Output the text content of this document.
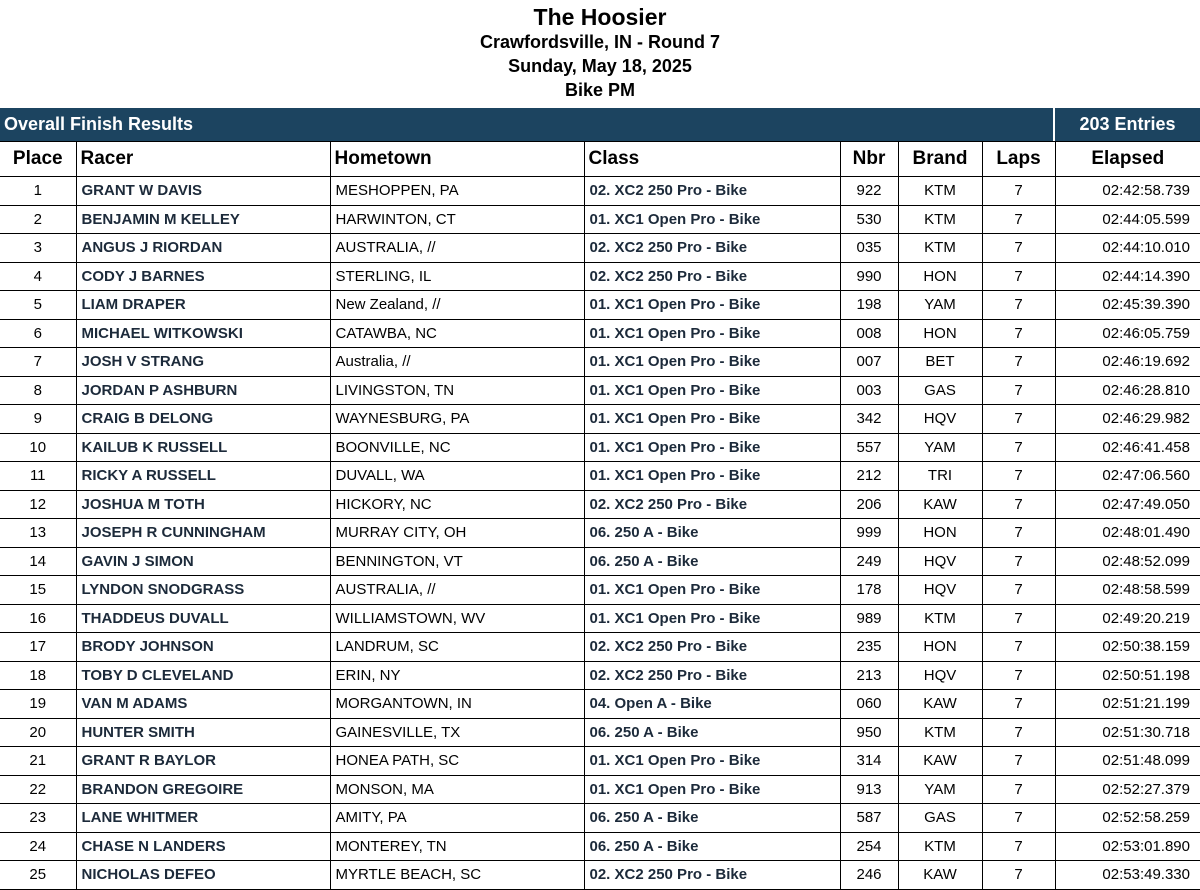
The Hoosier
Crawfordsville, IN - Round 7
Sunday, May 18, 2025
Bike PM
Overall Finish Results	203 Entries
Place	Racer	Hometown	Class	Nbr	Brand	Laps	Elapsed
1	GRANT W DAVIS	MESHOPPEN, PA	02. XC2 250 Pro - Bike	922	KTM	7	02:42:58.739
2	BENJAMIN M KELLEY	HARWINTON, CT	01. XC1 Open Pro - Bike	530	KTM	7	02:44:05.599
3	ANGUS J RIORDAN	AUSTRALIA, //	02. XC2 250 Pro - Bike	035	KTM	7	02:44:10.010
4	CODY J BARNES	STERLING, IL	02. XC2 250 Pro - Bike	990	HON	7	02:44:14.390
5	LIAM DRAPER	New Zealand, //	01. XC1 Open Pro - Bike	198	YAM	7	02:45:39.390
6	MICHAEL WITKOWSKI	CATAWBA, NC	01. XC1 Open Pro - Bike	008	HON	7	02:46:05.759
7	JOSH V STRANG	Australia, //	01. XC1 Open Pro - Bike	007	BET	7	02:46:19.692
8	JORDAN P ASHBURN	LIVINGSTON, TN	01. XC1 Open Pro - Bike	003	GAS	7	02:46:28.810
9	CRAIG B DELONG	WAYNESBURG, PA	01. XC1 Open Pro - Bike	342	HQV	7	02:46:29.982
10	KAILUB K RUSSELL	BOONVILLE, NC	01. XC1 Open Pro - Bike	557	YAM	7	02:46:41.458
11	RICKY A RUSSELL	DUVALL, WA	01. XC1 Open Pro - Bike	212	TRI	7	02:47:06.560
12	JOSHUA M TOTH	HICKORY, NC	02. XC2 250 Pro - Bike	206	KAW	7	02:47:49.050
13	JOSEPH R CUNNINGHAM	MURRAY CITY, OH	06. 250 A - Bike	999	HON	7	02:48:01.490
14	GAVIN J SIMON	BENNINGTON, VT	06. 250 A - Bike	249	HQV	7	02:48:52.099
15	LYNDON SNODGRASS	AUSTRALIA, //	01. XC1 Open Pro - Bike	178	HQV	7	02:48:58.599
16	THADDEUS DUVALL	WILLIAMSTOWN, WV	01. XC1 Open Pro - Bike	989	KTM	7	02:49:20.219
17	BRODY JOHNSON	LANDRUM, SC	02. XC2 250 Pro - Bike	235	HON	7	02:50:38.159
18	TOBY D CLEVELAND	ERIN, NY	02. XC2 250 Pro - Bike	213	HQV	7	02:50:51.198
19	VAN M ADAMS	MORGANTOWN, IN	04. Open A - Bike	060	KAW	7	02:51:21.199
20	HUNTER SMITH	GAINESVILLE, TX	06. 250 A - Bike	950	KTM	7	02:51:30.718
21	GRANT R BAYLOR	HONEA PATH, SC	01. XC1 Open Pro - Bike	314	KAW	7	02:51:48.099
22	BRANDON GREGOIRE	MONSON, MA	01. XC1 Open Pro - Bike	913	YAM	7	02:52:27.379
23	LANE WHITMER	AMITY, PA	06. 250 A - Bike	587	GAS	7	02:52:58.259
24	CHASE N LANDERS	MONTEREY, TN	06. 250 A - Bike	254	KTM	7	02:53:01.890
25	NICHOLAS DEFEO	MYRTLE BEACH, SC	02. XC2 250 Pro - Bike	246	KAW	7	02:53:49.330
